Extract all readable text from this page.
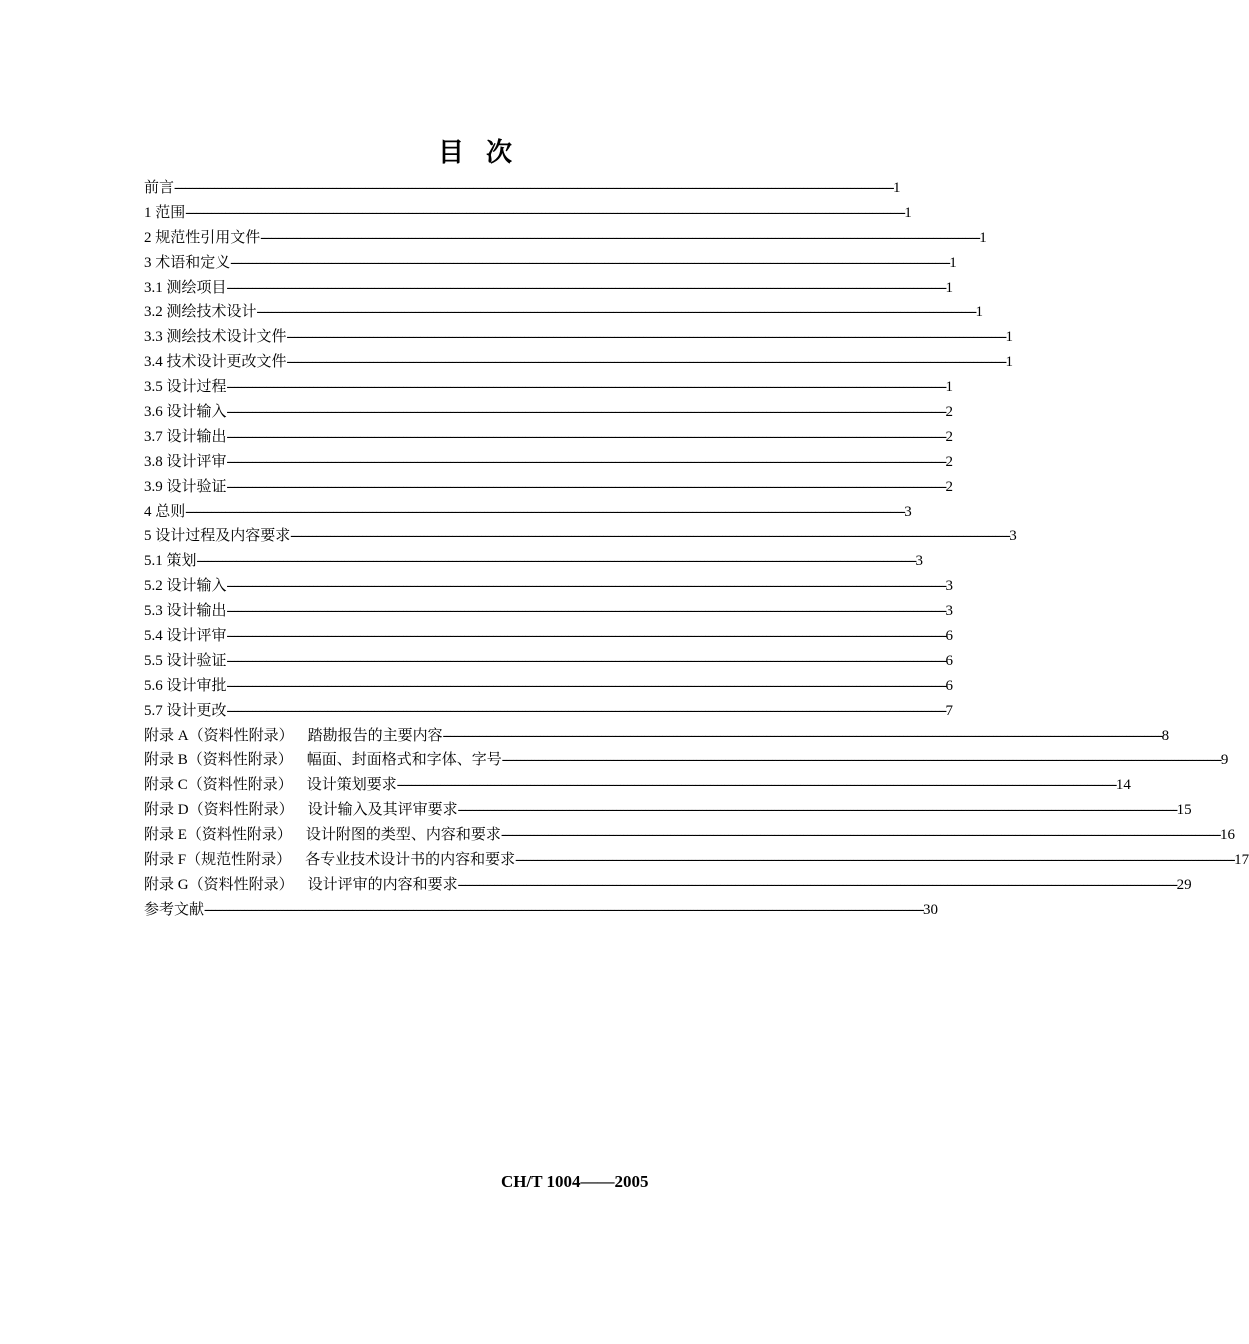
目次
前言 -------------------------------------------------------------------------------------------------------------------------------------------------------------------------------------------------------- 1
1 范围 -------------------------------------------------------------------------------------------------------------------------------------------------------------------------------------------------------- 1
2 规范性引用文件 -------------------------------------------------------------------------------------------------------------------------------------------------------------------------------------------------------- 1
3 术语和定义 -------------------------------------------------------------------------------------------------------------------------------------------------------------------------------------------------------- 1
3.1 测绘项目 -------------------------------------------------------------------------------------------------------------------------------------------------------------------------------------------------------- 1
3.2 测绘技术设计 -------------------------------------------------------------------------------------------------------------------------------------------------------------------------------------------------------- 1
3.3 测绘技术设计文件 -------------------------------------------------------------------------------------------------------------------------------------------------------------------------------------------------------- 1
3.4 技术设计更改文件 -------------------------------------------------------------------------------------------------------------------------------------------------------------------------------------------------------- 1
3.5 设计过程 -------------------------------------------------------------------------------------------------------------------------------------------------------------------------------------------------------- 1
3.6 设计输入 -------------------------------------------------------------------------------------------------------------------------------------------------------------------------------------------------------- 2
3.7 设计输出 -------------------------------------------------------------------------------------------------------------------------------------------------------------------------------------------------------- 2
3.8 设计评审 -------------------------------------------------------------------------------------------------------------------------------------------------------------------------------------------------------- 2
3.9 设计验证 -------------------------------------------------------------------------------------------------------------------------------------------------------------------------------------------------------- 2
4 总则 -------------------------------------------------------------------------------------------------------------------------------------------------------------------------------------------------------- 3
5 设计过程及内容要求 -------------------------------------------------------------------------------------------------------------------------------------------------------------------------------------------------------- 3
5.1 策划 -------------------------------------------------------------------------------------------------------------------------------------------------------------------------------------------------------- 3
5.2 设计输入 -------------------------------------------------------------------------------------------------------------------------------------------------------------------------------------------------------- 3
5.3 设计输出 -------------------------------------------------------------------------------------------------------------------------------------------------------------------------------------------------------- 3
5.4 设计评审 -------------------------------------------------------------------------------------------------------------------------------------------------------------------------------------------------------- 6
5.5 设计验证 -------------------------------------------------------------------------------------------------------------------------------------------------------------------------------------------------------- 6
5.6 设计审批 -------------------------------------------------------------------------------------------------------------------------------------------------------------------------------------------------------- 6
5.7 设计更改 -------------------------------------------------------------------------------------------------------------------------------------------------------------------------------------------------------- 7
附录 A（资料性附录） 踏勘报告的主要内容 -------------------------------------------------------------------------------------------------------------------------------------------------------------------------------------------------------- 8
附录 B（资料性附录） 幅面、封面格式和字体、字号 -------------------------------------------------------------------------------------------------------------------------------------------------------------------------------------------------------- 9
附录 C（资料性附录） 设计策划要求 -------------------------------------------------------------------------------------------------------------------------------------------------------------------------------------------------------- 14
附录 D（资料性附录） 设计输入及其评审要求 -------------------------------------------------------------------------------------------------------------------------------------------------------------------------------------------------------- 15
附录 E（资料性附录） 设计附图的类型、内容和要求 -------------------------------------------------------------------------------------------------------------------------------------------------------------------------------------------------------- 16
附录 F（规范性附录） 各专业技术设计书的内容和要求 -------------------------------------------------------------------------------------------------------------------------------------------------------------------------------------------------------- 17
附录 G（资料性附录） 设计评审的内容和要求 -------------------------------------------------------------------------------------------------------------------------------------------------------------------------------------------------------- 29
参考文献 -------------------------------------------------------------------------------------------------------------------------------------------------------------------------------------------------------- 30
CH/T 1004——2005
